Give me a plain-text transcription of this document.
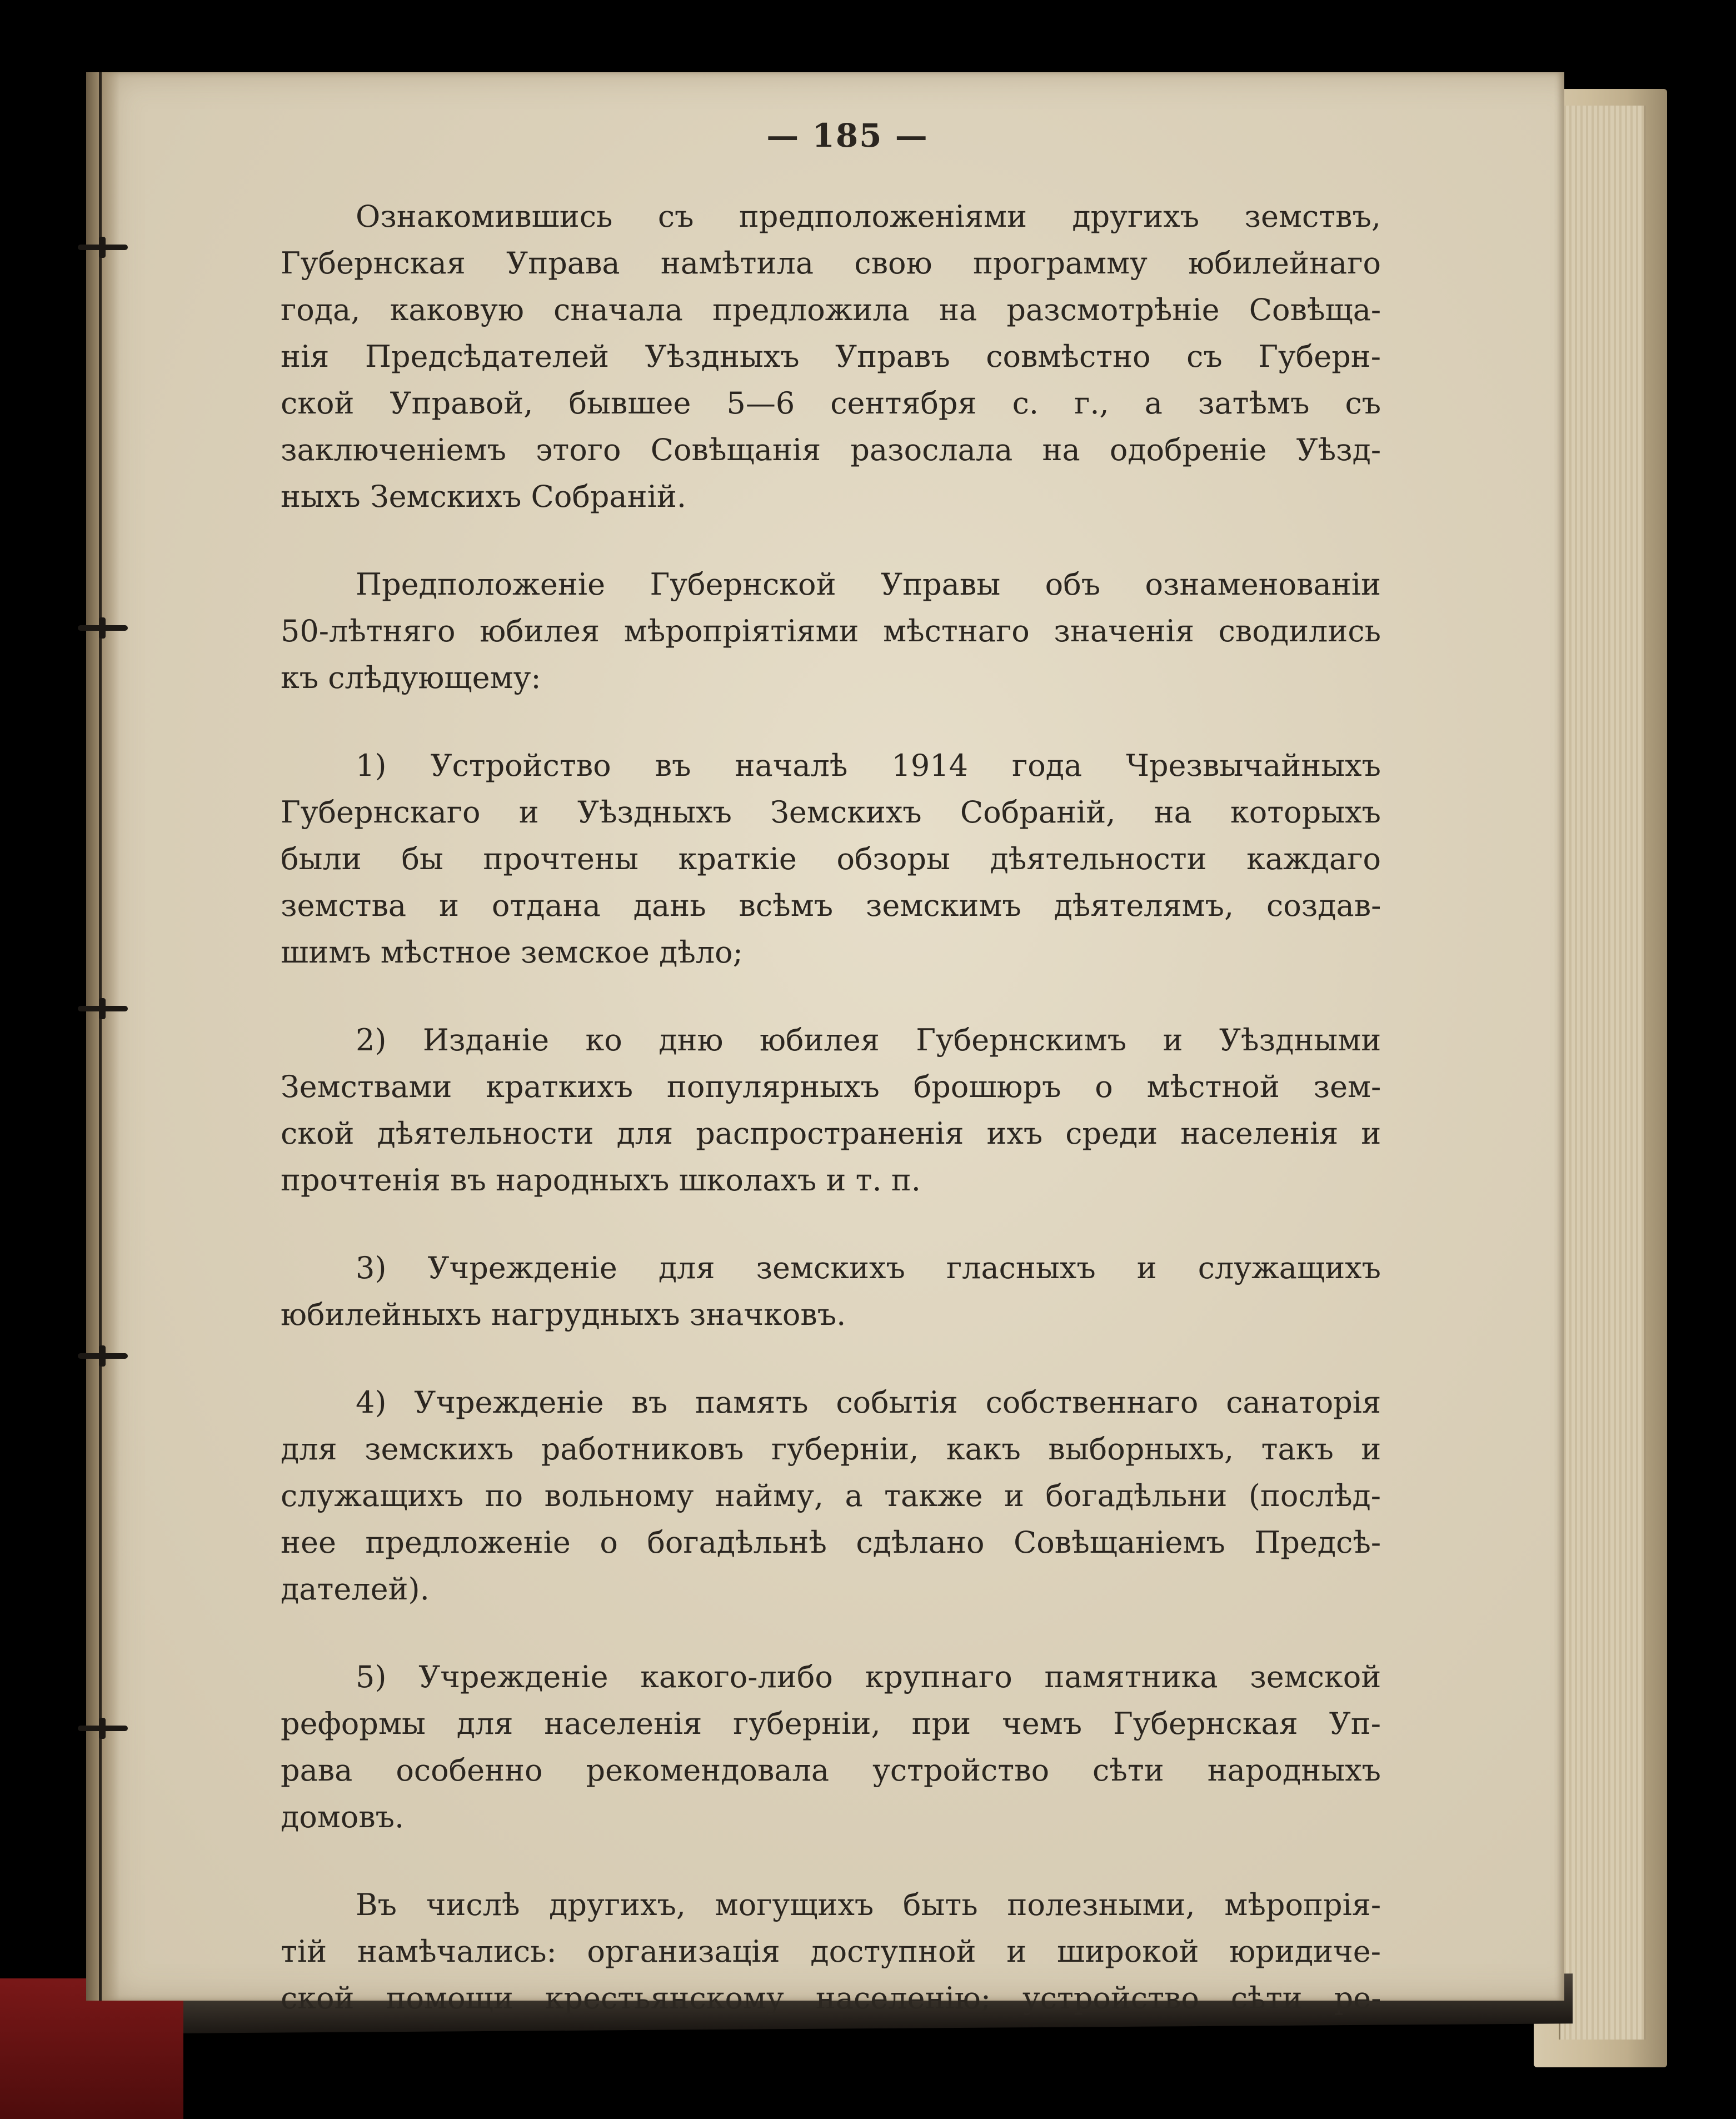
— 185 —
Ознакомившись съ предположеніями другихъ земствъ,
Губернская Управа намѣтила свою программу юбилейнаго
года, каковую сначала предложила на разсмотрѣніе Совѣща-
нія Предсѣдателей Уѣздныхъ Управъ совмѣстно съ Губерн-
ской Управой, бывшее 5—6 сентября с. г., а затѣмъ съ
заключеніемъ этого Совѣщанія разослала на одобреніе Уѣзд-
ныхъ Земскихъ Собраній.
Предположеніе Губернской Управы объ ознаменованіи
50-лѣтняго юбилея мѣропріятіями мѣстнаго значенія сводились
къ слѣдующему:
1) Устройство въ началѣ 1914 года Чрезвычайныхъ
Губернскаго и Уѣздныхъ Земскихъ Собраній, на которыхъ
были бы прочтены краткіе обзоры дѣятельности каждаго
земства и отдана дань всѣмъ земскимъ дѣятелямъ, создав-
шимъ мѣстное земское дѣло;
2) Изданіе ко дню юбилея Губернскимъ и Уѣздными
Земствами краткихъ популярныхъ брошюръ о мѣстной зем-
ской дѣятельности для распространенія ихъ среди населенія и
прочтенія въ народныхъ школахъ и т. п.
3) Учрежденіе для земскихъ гласныхъ и служащихъ
юбилейныхъ нагрудныхъ значковъ.
4) Учрежденіе въ память событія собственнаго санаторія
для земскихъ работниковъ губерніи, какъ выборныхъ, такъ и
служащихъ по вольному найму, а также и богадѣльни (послѣд-
нее предложеніе о богадѣльнѣ сдѣлано Совѣщаніемъ Предсѣ-
дателей).
5) Учрежденіе какого-либо крупнаго памятника земской
реформы для населенія губерніи, при чемъ Губернская Уп-
рава особенно рекомендовала устройство сѣти народныхъ
домовъ.
Въ числѣ другихъ, могущихъ быть полезными, мѣропрія-
тій намѣчались: организація доступной и широкой юридиче-
ской помощи крестьянскому населенію; устройство сѣти ре-
